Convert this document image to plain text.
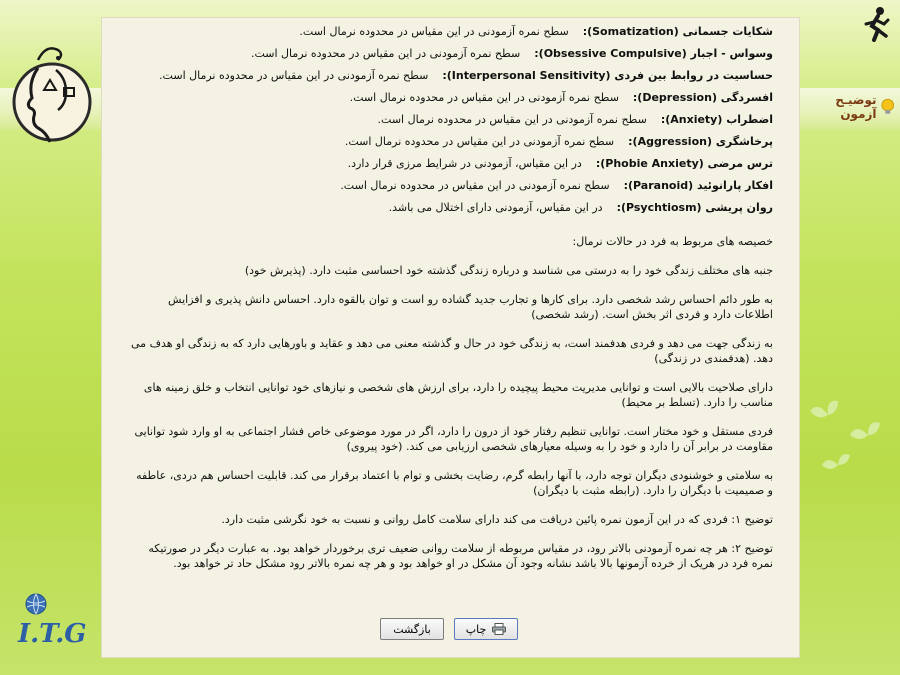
توضیـح آزمون
شکایات جسمانی (Somatization):
سطح نمره آزمودنی در این مقیاس در محدوده نرمال است.
وسواس - اجبار (Obsessive Compulsive):
سطح نمره آزمودنی در این مقیاس در محدوده نرمال است.
حساسیت در روابط بین فردی (Interpersonal Sensitivity):
سطح نمره آزمودنی در این مقیاس در محدوده نرمال است.
افسردگی (Depression):
سطح نمره آزمودنی در این مقیاس در محدوده نرمال است.
اضطراب (Anxiety):
سطح نمره آزمودنی در این مقیاس در محدوده نرمال است.
پرخاشگری (Aggression):
سطح نمره آزمودنی در این مقیاس در محدوده نرمال است.
ترس مرضی (Phobie Anxiety):
در این مقیاس، آزمودنی در شرایط مرزی قرار دارد.
افکار پارانوئید (Paranoid):
سطح نمره آزمودنی در این مقیاس در محدوده نرمال است.
روان پریشی (Psychtiosm):
در این مقیاس، آزمودنی دارای اختلال می باشد.

خصیصه های مربوط به فرد در حالات نرمال:

جنبه های مختلف زندگی خود را به درستی می شناسد و درباره زندگی گذشته خود احساسی مثبت دارد. (پذیرش خود)

به طور دائم احساس رشد شخصی دارد. برای کارها و تجارب جدید گشاده رو است و توان بالقوه دارد. احساس دانش پذیری و افزایش اطلاعات دارد و فردی اثر بخش است. (رشد شخصی)

به زندگی جهت می دهد و فردی هدفمند است، به زندگی خود در حال و گذشته معنی می دهد و عقاید و باورهایی دارد که به زندگی او هدف می دهد. (هدفمندی در زندگی)

دارای صلاحیت بالایی است و توانایی مدیریت محیط پیچیده را دارد، برای ارزش های شخصی و نیازهای خود توانایی انتخاب و خلق زمینه های مناسب را دارد. (تسلط بر محیط)

فردی مستقل و خود مختار است. توانایی تنظیم رفتار خود از درون را دارد، اگر در مورد موضوعی خاص فشار اجتماعی به او وارد شود توانایی مقاومت در برابر آن را دارد و خود را به وسیله معیارهای شخصی ارزیابی می کند. (خود پیروی)

به سلامتی و خوشنودی دیگران توجه دارد، با آنها رابطه گرم، رضایت بخشی و توام با اعتماد برقرار می کند. قابلیت احساس هم دردی، عاطفه و صمیمیت با دیگران را دارد. (رابطه مثبت با دیگران)

توضیح ۱: فردی که در این آزمون نمره پائین دریافت می کند دارای سلامت کامل روانی و نسبت به خود نگرشی مثبت دارد.

توضیح ۲: هر چه نمره آزمودنی بالاتر رود، در مقیاس مربوطه از سلامت روانی ضعیف تری برخوردار خواهد بود. به عبارت دیگر در صورتیکه نمره فرد در هریک از خرده آزمونها بالا باشد نشانه وجود آن مشکل در او خواهد بود و هر چه نمره بالاتر رود مشکل حاد تر خواهد بود.

بازگشت	چاپ
I.T.G
